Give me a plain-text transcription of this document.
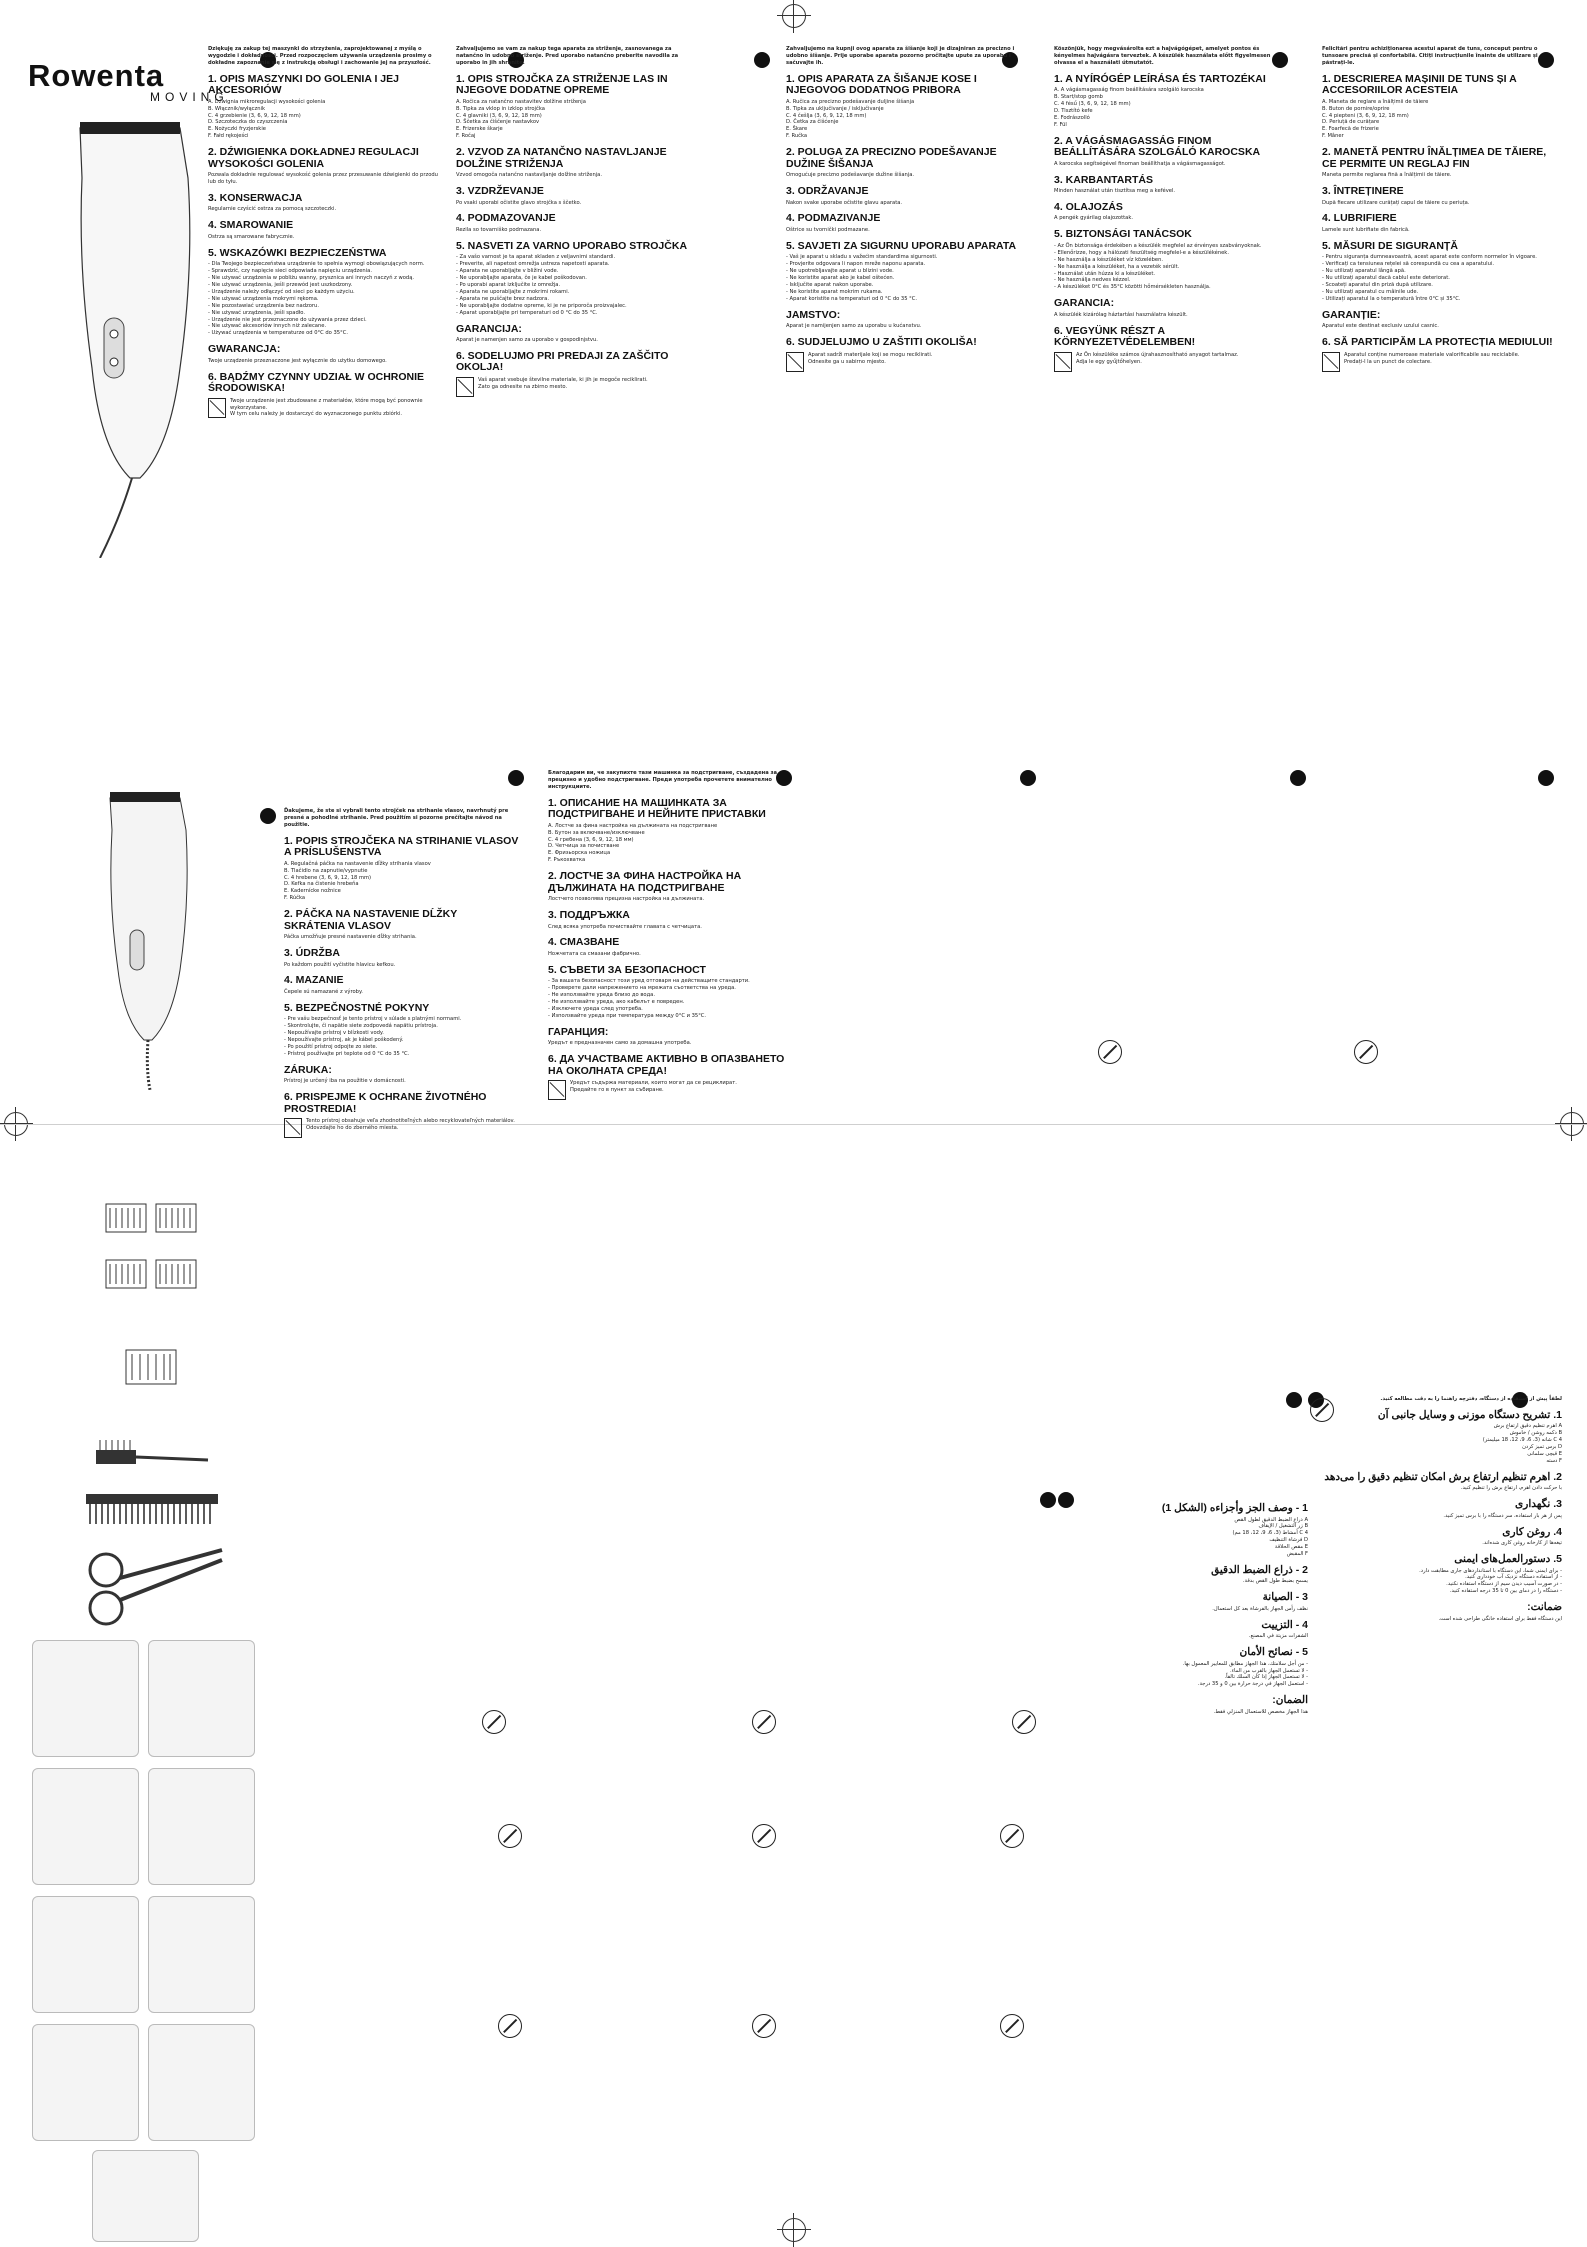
Rowenta
MOVING

Dziękuję za zakup tej maszynki do strzyżenia, zaprojektowanej z myślą o wygodzie i dokładności. Przed rozpoczęciem używania urządzenia prosimy o dokładne zapoznanie się z instrukcją obsługi i zachowanie jej na przyszłość.

1. OPIS MASZYNKI DO GOLENIA I JEJ AKCESORIÓW

A. Dźwignia mikroregulacji wysokości golenia

B. Włącznik/wyłącznik

C. 4 grzebienie (3, 6, 9, 12, 18 mm)

D. Szczoteczka do czyszczenia

E. Nożyczki fryzjerskie

F. Fałd rękojeści

2. DŹWIGIENKA DOKŁADNEJ REGULACJI WYSOKOŚCI GOLENIA

Pozwala dokładnie regulować wysokość golenia przez przesuwanie dźwigienki do przodu lub do tyłu.

3. KONSERWACJA

Regularnie czyścić ostrza za pomocą szczoteczki.

4. SMAROWANIE

Ostrza są smarowane fabrycznie.

5. WSKAZÓWKI BEZPIECZEŃSTWA

- Dla Twojego bezpieczeństwa urządzenie to spełnia wymogi obowiązujących norm.

- Sprawdzić, czy napięcie sieci odpowiada napięciu urządzenia.

- Nie używać urządzenia w pobliżu wanny, prysznica ani innych naczyń z wodą.

- Nie używać urządzenia, jeśli przewód jest uszkodzony.

- Urządzenie należy odłączyć od sieci po każdym użyciu.

- Nie używać urządzenia mokrymi rękoma.

- Nie pozostawiać urządzenia bez nadzoru.

- Nie używać urządzenia, jeśli spadło.

- Urządzenie nie jest przeznaczone do używania przez dzieci.

- Nie używać akcesoriów innych niż zalecane.

- Używać urządzenia w temperaturze od 0°C do 35°C.

GWARANCJA:

Twoje urządzenie przeznaczone jest wyłącznie do użytku domowego.

6. BĄDŹMY CZYNNY UDZIAŁ W OCHRONIE ŚRODOWISKA!

Twoje urządzenie jest zbudowane z materiałów, które mogą być ponownie wykorzystane.

W tym celu należy je dostarczyć do wyznaczonego punktu zbiórki.

Zahvaljujemo se vam za nakup tega aparata za striženje, zasnovanega za natančno in udobno striženje. Pred uporabo natančno preberite navodila za uporabo in jih shranite.

1. OPIS STROJČKA ZA STRIŽENJE LAS IN NJEGOVE DODATNE OPREME

A. Ročica za natančno nastavitev dolžine striženja

B. Tipka za vklop in izklop strojčka

C. 4 glavniki (3, 6, 9, 12, 18 mm)

D. Ščetka za čiščenje nastavkov

E. Frizerske škarje

F. Ročaj

2. VZVOD ZA NATANČNO NASTAVLJANJE DOLŽINE STRIŽENJA

Vzvod omogoča natančno nastavljanje dolžine striženja.

3. VZDRŽEVANJE

Po vsaki uporabi očistite glavo strojčka s ščetko.

4. PODMAZOVANJE

Rezila so tovarniško podmazana.

5. NASVETI ZA VARNO UPORABO STROJČKA

- Za vašo varnost je ta aparat skladen z veljavnimi standardi.

- Preverite, ali napetost omrežja ustreza napetosti aparata.

- Aparata ne uporabljajte v bližini vode.

- Ne uporabljajte aparata, če je kabel poškodovan.

- Po uporabi aparat izključite iz omrežja.

- Aparata ne uporabljajte z mokrimi rokami.

- Aparata ne puščajte brez nadzora.

- Ne uporabljajte dodatne opreme, ki je ne priporoča proizvajalec.

- Aparat uporabljajte pri temperaturi od 0 °C do 35 °C.

GARANCIJA:

Aparat je namenjen samo za uporabo v gospodinjstvu.

6. SODELUJMO PRI PREDAJI ZA ZAŠČITO OKOLJA!

Vaš aparat vsebuje številne materiale, ki jih je mogoče reciklirati.

Zato ga odnesite na zbirno mesto.

Zahvaljujemo na kupnji ovog aparata za šišanje koji je dizajniran za precizno i udobno šišanje. Prije uporabe aparata pozorno pročitajte upute za uporabu i sačuvajte ih.

1. OPIS APARATA ZA ŠIŠANJE KOSE I NJEGOVOG DODATNOG PRIBORA

A. Ručica za precizno podešavanje duljine šišanja

B. Tipka za uključivanje / isključivanje

C. 4 češlja (3, 6, 9, 12, 18 mm)

D. Četka za čišćenje

E. Škare

F. Ručka

2. POLUGA ZA PRECIZNO PODEŠAVANJE DUŽINE ŠIŠANJA

Omogućuje precizno podešavanje dužine šišanja.

3. ODRŽAVANJE

Nakon svake uporabe očistite glavu aparata.

4. PODMAZIVANJE

Oštrice su tvornički podmazane.

5. SAVJETI ZA SIGURNU UPORABU APARATA

- Vaš je aparat u skladu s važećim standardima sigurnosti.

- Provjerite odgovara li napon mreže naponu aparata.

- Ne upotrebljavajte aparat u blizini vode.

- Ne koristite aparat ako je kabel oštećen.

- Isključite aparat nakon uporabe.

- Ne koristite aparat mokrim rukama.

- Aparat koristite na temperaturi od 0 °C do 35 °C.

JAMSTVO:

Aparat je namijenjen samo za uporabu u kućanstvu.

6. SUDJELUJMO U ZAŠTITI OKOLIŠA!

Aparat sadrži materijale koji se mogu reciklirati.

Odnesite ga u sabirno mjesto.

Köszönjük, hogy megvásárolta ezt a hajvágógépet, amelyet pontos és kényelmes hajvágásra terveztek. A készülék használata előtt figyelmesen olvassa el a használati útmutatót.

1. A NYÍRÓGÉP LEÍRÁSA ÉS TARTOZÉKAI

A. A vágásmagasság finom beállítására szolgáló karocska

B. Start/stop gomb

C. 4 fésű (3, 6, 9, 12, 18 mm)

D. Tisztító kefe

E. Fodrászolló

F. Fül

2. A VÁGÁSMAGASSÁG FINOM BEÁLLÍTÁSÁRA SZOLGÁLÓ KAROCSKA

A karocska segítségével finoman beállíthatja a vágásmagasságot.

3. KARBANTARTÁS

Minden használat után tisztítsa meg a kefével.

4. OLAJOZÁS

A pengék gyárilag olajozottak.

5. BIZTONSÁGI TANÁCSOK

- Az Ön biztonsága érdekében a készülék megfelel az érvényes szabványoknak.

- Ellenőrizze, hogy a hálózati feszültség megfelel-e a készülékének.

- Ne használja a készüléket víz közelében.

- Ne használja a készüléket, ha a vezeték sérült.

- Használat után húzza ki a készüléket.

- Ne használja nedves kézzel.

- A készüléket 0°C és 35°C közötti hőmérsékleten használja.

GARANCIA:

A készülék kizárólag háztartási használatra készült.

6. VEGYÜNK RÉSZT A KÖRNYEZETVÉDELEMBEN!

Az Ön készüléke számos újrahasznosítható anyagot tartalmaz.

Adja le egy gyűjtőhelyen.

Felicitări pentru achiziționarea acestui aparat de tuns, conceput pentru o tunsoare precisă și confortabilă. Citiți instrucțiunile înainte de utilizare și păstrați-le.

1. DESCRIEREA MAȘINII DE TUNS ȘI A ACCESORIILOR ACESTEIA

A. Maneta de reglare a înălțimii de tăiere

B. Buton de pornire/oprire

C. 4 piepteni (3, 6, 9, 12, 18 mm)

D. Periuță de curățare

E. Foarfecă de frizerie

F. Mâner

2. MANETĂ PENTRU ÎNĂLȚIMEA DE TĂIERE, CE PERMITE UN REGLAJ FIN

Maneta permite reglarea fină a înălțimii de tăiere.

3. ÎNTREȚINERE

După fiecare utilizare curățați capul de tăiere cu periuța.

4. LUBRIFIERE

Lamele sunt lubrifiate din fabrică.

5. MĂSURI DE SIGURANȚĂ

- Pentru siguranța dumneavoastră, acest aparat este conform normelor în vigoare.

- Verificați ca tensiunea rețelei să corespundă cu cea a aparatului.

- Nu utilizați aparatul lângă apă.

- Nu utilizați aparatul dacă cablul este deteriorat.

- Scoateți aparatul din priză după utilizare.

- Nu utilizați aparatul cu mâinile ude.

- Utilizați aparatul la o temperatură între 0°C și 35°C.

GARANȚIE:

Aparatul este destinat exclusiv uzului casnic.

6. SĂ PARTICIPĂM LA PROTECȚIA MEDIULUI!

Aparatul conține numeroase materiale valorificabile sau reciclabile.

Predați-l la un punct de colectare.

Ďakujeme, že ste si vybrali tento strojček na strihanie vlasov, navrhnutý pre presné a pohodlné strihanie. Pred použitím si pozorne prečítajte návod na použitie.

1. POPIS STROJČEKA NA STRIHANIE VLASOV A PRÍSLUŠENSTVA

A. Regulačná páčka na nastavenie dĺžky strihania vlasov

B. Tlačidlo na zapnutie/vypnutie

C. 4 hrebene (3, 6, 9, 12, 18 mm)

D. Kefka na čistenie hrebeňa

E. Kadernícke nožnice

F. Rúčka

2. PÁČKA NA NASTAVENIE DĹŽKY SKRÁTENIA VLASOV

Páčka umožňuje presné nastavenie dĺžky strihania.

3. ÚDRŽBA

Po každom použití vyčistite hlavicu kefkou.

4. MAZANIE

Čepele sú namazané z výroby.

5. BEZPEČNOSTNÉ POKYNY

- Pre vašu bezpečnosť je tento prístroj v súlade s platnými normami.

- Skontrolujte, či napätie siete zodpovedá napätiu prístroja.

- Nepoužívajte prístroj v blízkosti vody.

- Nepoužívajte prístroj, ak je kábel poškodený.

- Po použití prístroj odpojte zo siete.

- Prístroj používajte pri teplote od 0 °C do 35 °C.

ZÁRUKA:

Prístroj je určený iba na použitie v domácnosti.

6. PRISPEJME K OCHRANE ŽIVOTNÉHO PROSTREDIA!

Tento prístroj obsahuje veľa zhodnotiteľných alebo recyklovateľných materiálov.

Odovzdajte ho do zberného miesta.

Благодарим ви, че закупихте тази машинка за подстригване, създадена за прецизно и удобно подстригване. Преди употреба прочетете внимателно инструкциите.

1. ОПИСАНИЕ НА МАШИНКАТА ЗА ПОДСТРИГВАНЕ И НЕЙНИТЕ ПРИСТАВКИ

A. Лостче за фина настройка на дължината на подстригване

B. Бутон за включване/изключване

C. 4 гребена (3, 6, 9, 12, 18 мм)

D. Четчица за почистване

E. Фризьорска ножица

F. Ръкохватка

2. ЛОСТЧЕ ЗА ФИНА НАСТРОЙКА НА ДЪЛЖИНАТА НА ПОДСТРИГВАНЕ

Лостчето позволява прецизна настройка на дължината.

3. ПОДДРЪЖКА

След всяка употреба почиствайте главата с четчицата.

4. СМАЗВАНЕ

Ножчетата са смазани фабрично.

5. СЪВЕТИ ЗА БЕЗОПАСНОСТ

- За вашата безопасност този уред отговаря на действащите стандарти.

- Проверете дали напрежението на мрежата съответства на уреда.

- Не използвайте уреда близо до вода.

- Не използвайте уреда, ако кабелът е повреден.

- Изключете уреда след употреба.

- Използвайте уреда при температура между 0°C и 35°C.

ГАРАНЦИЯ:

Уредът е предназначен само за домашна употреба.

6. ДА УЧАСТВАМЕ АКТИВНО В ОПАЗВАНЕТО НА ОКОЛНАТА СРЕДА!

Уредът съдържа материали, които могат да се рециклират.

Предайте го в пункт за събиране.

لطفاً پیش از استفاده از دستگاه، دفترچه راهنما را به دقت مطالعه کنید.

1. تشریح دستگاه موزنی و وسایل جانبی آن

A اهرم تنظیم دقیق ارتفاع برش

B دکمه روشن / خاموش

C 4 شانه (3، 6، 9، 12، 18 میلیمتر)

D برس تمیز کردن

E قیچی سلمانی

F دسته

2. اهرم تنظیم ارتفاع برش امکان تنظیم دقیق را می‌دهد

با حرکت دادن اهرم، ارتفاع برش را تنظیم کنید.

3. نگهداری

پس از هر بار استفاده، سر دستگاه را با برس تمیز کنید.

4. روغن کاری

تیغه‌ها از کارخانه روغن کاری شده‌اند.

5. دستورالعمل‌های ایمنی

- برای ایمنی شما، این دستگاه با استانداردهای جاری مطابقت دارد.

- از استفاده دستگاه نزدیک آب خودداری کنید.

- در صورت آسیب دیدن سیم از دستگاه استفاده نکنید.

- دستگاه را در دمای بین 0 تا 35 درجه استفاده کنید.

ضمانت:

این دستگاه فقط برای استفاده خانگی طراحی شده است.

1 - وصف الجز وأجزاءه (الشكل 1)

A ذراع الضبط الدقيق لطول القص

B زر التشغيل / الإيقاف

C 4 أمشاط (3، 6، 9، 12، 18 مم)

D فرشاة التنظيف

E مقص الحلاقة

F المقبض

2 - ذراع الضبط الدقيق

يسمح بضبط طول القص بدقة.

3 - الصيانة

نظف رأس الجهاز بالفرشاة بعد كل استعمال.

4 - التزييت

الشفرات مزيتة في المصنع.

5 - نصائح الأمان

- من أجل سلامتك، هذا الجهاز مطابق للمعايير المعمول بها.

- لا تستعمل الجهاز بالقرب من الماء.

- لا تستعمل الجهاز إذا كان السلك تالفاً.

- استعمل الجهاز في درجة حرارة بين 0 و 35 درجة.

الضمان:

هذا الجهاز مخصص للاستعمال المنزلي فقط.
